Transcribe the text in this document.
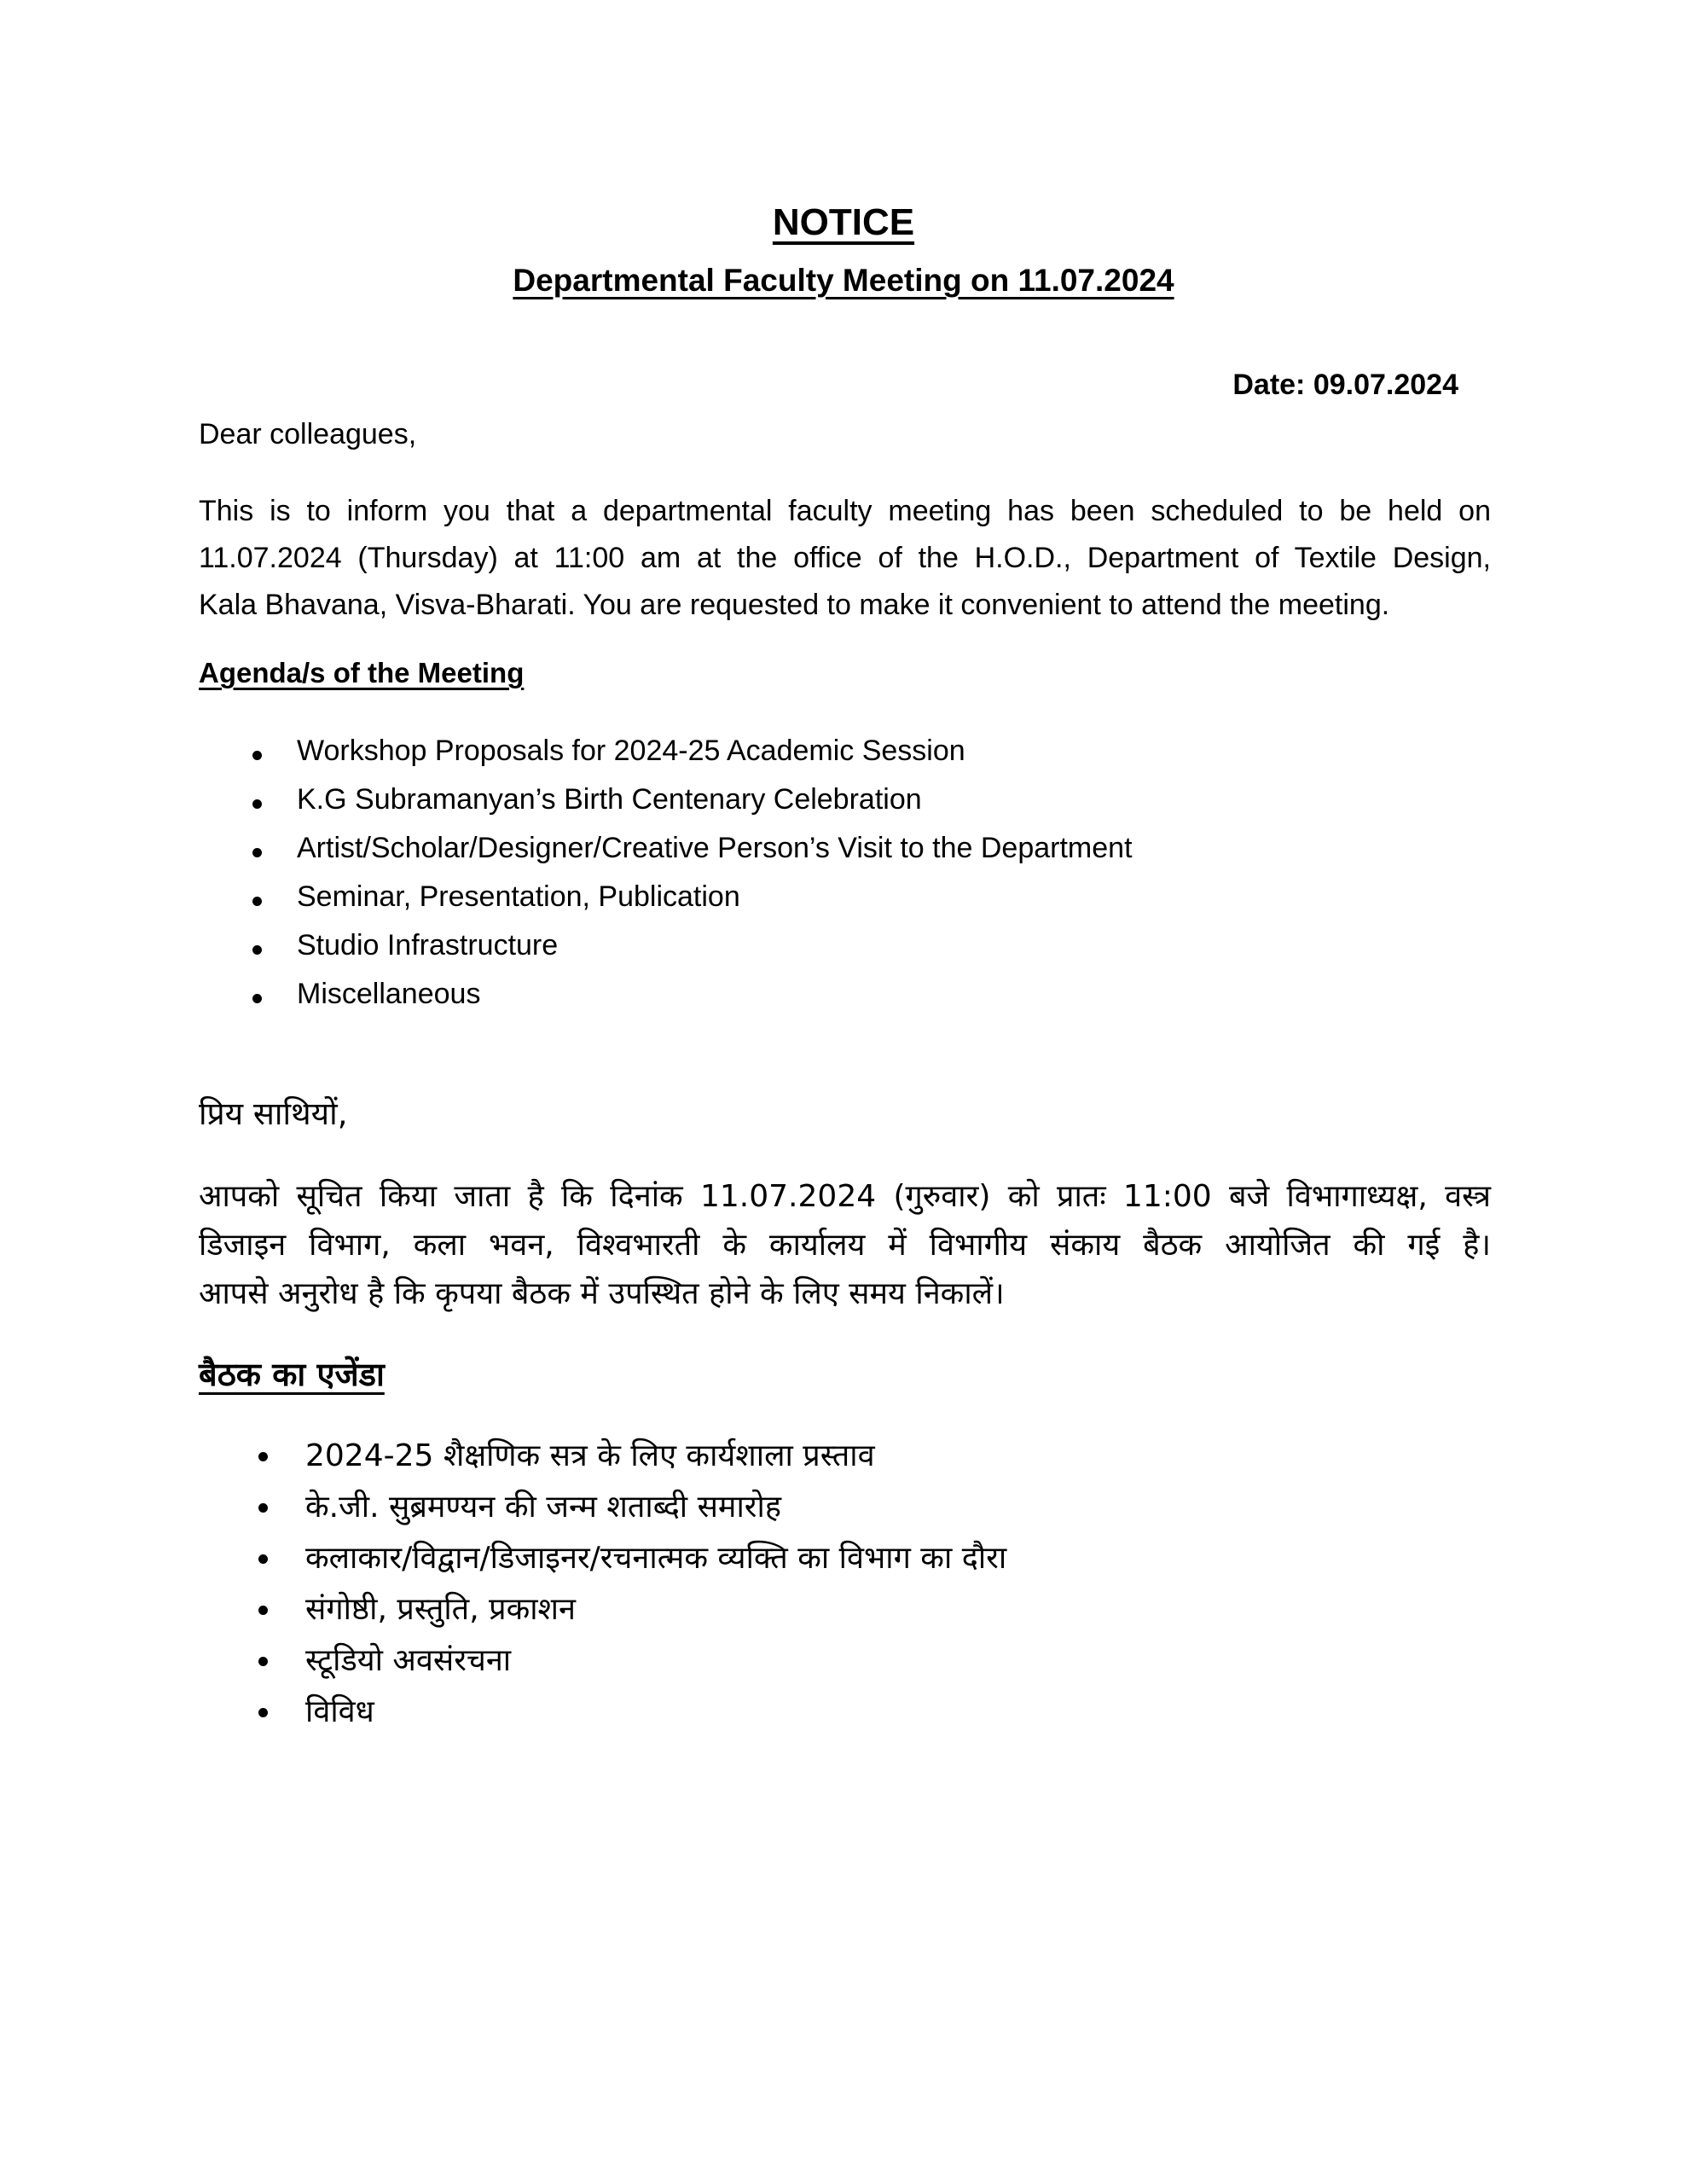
NOTICE
Departmental Faculty Meeting on 11.07.2024
Date: 09.07.2024
Dear colleagues,
This is to inform you that a departmental faculty meeting has been scheduled to be held on
11.07.2024 (Thursday) at 11:00 am at the office of the H.O.D., Department of Textile Design,
Kala Bhavana, Visva-Bharati. You are requested to make it convenient to attend the meeting.
Agenda/s of the Meeting
Workshop Proposals for 2024-25 Academic Session
K.G Subramanyan’s Birth Centenary Celebration
Artist/Scholar/Designer/Creative Person’s Visit to the Department
Seminar, Presentation, Publication
Studio Infrastructure
Miscellaneous
प्रिय साथियों,
आपको सूचित किया जाता है कि दिनांक 11.07.2024 (गुरुवार) को प्रातः 11:00 बजे विभागाध्यक्ष, वस्त्र
डिजाइन विभाग, कला भवन, विश्वभारती के कार्यालय में विभागीय संकाय बैठक आयोजित की गई है।
आपसे अनुरोध है कि कृपया बैठक में उपस्थित होने के लिए समय निकालें।
बैठक का एजेंडा
2024-25 शैक्षणिक सत्र के लिए कार्यशाला प्रस्ताव
के.जी. सुब्रमण्यन की जन्म शताब्दी समारोह
कलाकार/विद्वान/डिजाइनर/रचनात्मक व्यक्ति का विभाग का दौरा
संगोष्ठी, प्रस्तुति, प्रकाशन
स्टूडियो अवसंरचना
विविध
